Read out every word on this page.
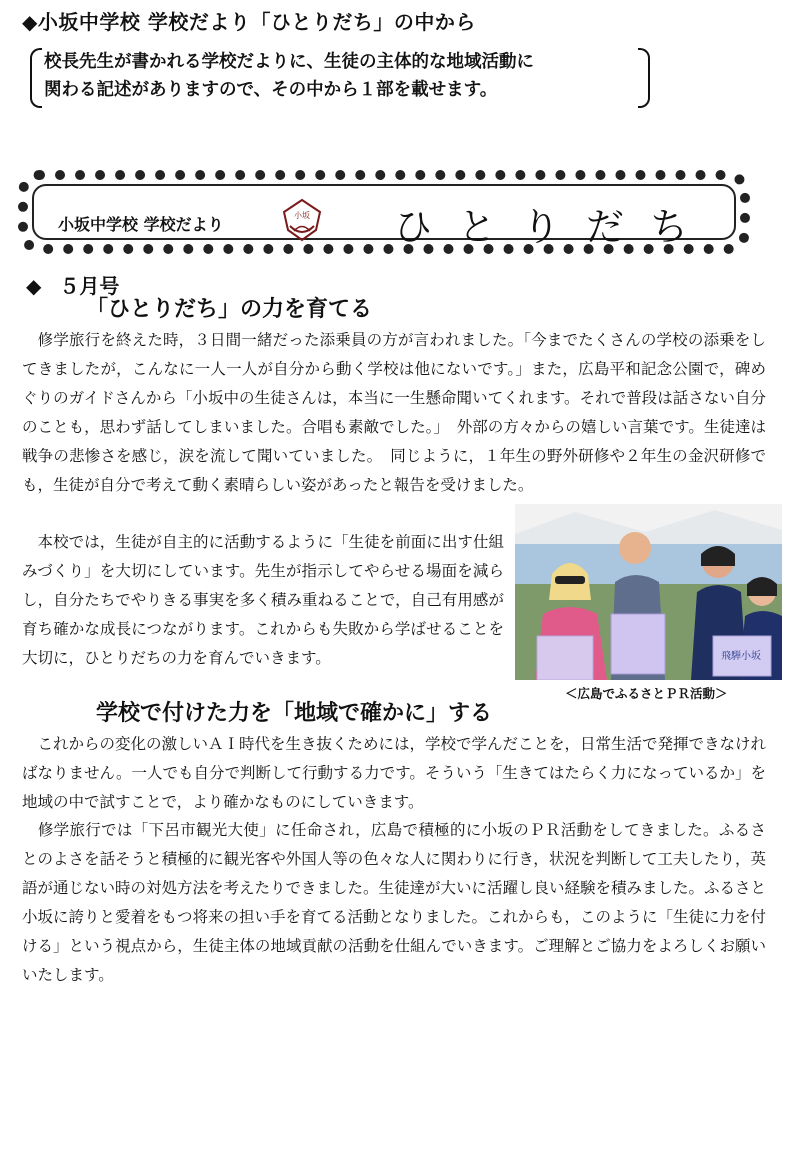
◆小坂中学校 学校だより「ひとりだち」の中から
校長先生が書かれる学校だよりに、生徒の主体的な地域活動に
関わる記述がありますので、その中から１部を載せます。
小坂中学校 学校だより	小坂 ひとりだち
◆ ５月号
「ひとりだち」の力を育てる
　修学旅行を終えた時，３日間一緒だった添乗員の方が言われました。「今までたくさんの学校の添乗をしてきましたが，こんなに一人一人が自分から動く学校は他にないです。」また，広島平和記念公園で，碑めぐりのガイドさんから「小坂中の生徒さんは，本当に一生懸命聞いてくれます。それで普段は話さない自分のことも，思わず話してしまいました。合唱も素敵でした。」　外部の方々からの嬉しい言葉です。生徒達は戦争の悲惨さを感じ，涙を流して聞いていました。　同じように，１年生の野外研修や２年生の金沢研修でも，生徒が自分で考えて動く素晴らしい姿があったと報告を受けました。
　本校では，生徒が自主的に活動するように「生徒を前面に出す仕組みづくり」を大切にしています。先生が指示してやらせる場面を減らし，自分たちでやりきる事実を多く積み重ねることで，自己有用感が育ち確かな成長につながります。これからも失敗から学ばせることを大切に，ひとりだちの力を育んでいきます。	飛騨小坂
＜広島でふるさとＰＲ活動＞
学校で付けた力を「地域で確かに」する
　これからの変化の激しいＡＩ時代を生き抜くためには，学校で学んだことを，日常生活で発揮できなければなりません。一人でも自分で判断して行動する力です。そういう「生きてはたらく力になっているか」を地域の中で試すことで，より確かなものにしていきます。
　修学旅行では「下呂市観光大使」に任命され，広島で積極的に小坂のＰＲ活動をしてきました。ふるさとのよさを話そうと積極的に観光客や外国人等の色々な人に関わりに行き，状況を判断して工夫したり，英語が通じない時の対処方法を考えたりできました。生徒達が大いに活躍し良い経験を積みました。ふるさと小坂に誇りと愛着をもつ将来の担い手を育てる活動となりました。これからも，このように「生徒に力を付ける」という視点から，生徒主体の地域貢献の活動を仕組んでいきます。ご理解とご協力をよろしくお願いいたします。
